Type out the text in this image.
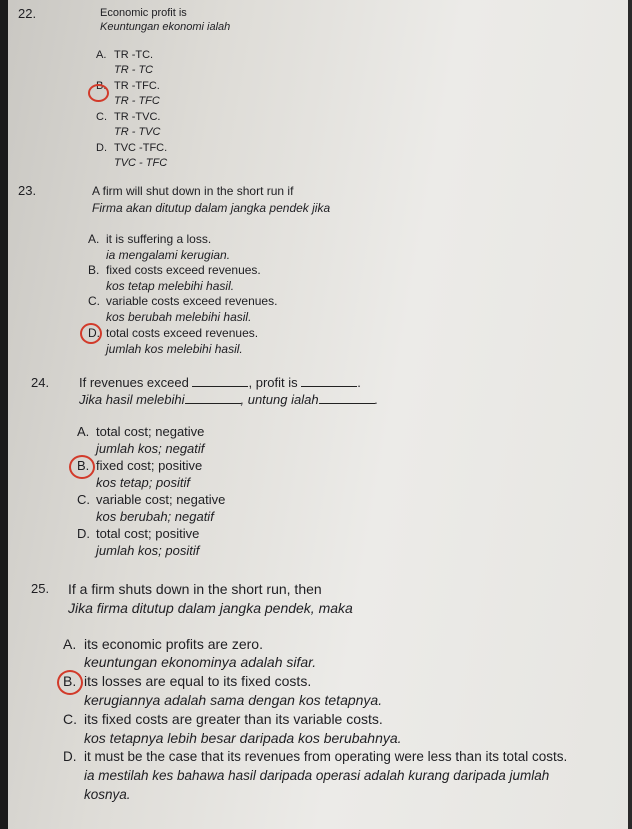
22.	Economic profit is
Keuntungan ekonomi ialah
A. TR -TC.
TR - TC
B. TR -TFC.
TR - TFC
C. TR -TVC.
TR - TVC
D. TVC -TFC.
TVC - TFC
23.	A firm will shut down in the short run if
Firma akan ditutup dalam jangka pendek jika
A. it is suffering a loss.
ia mengalami kerugian.
B. fixed costs exceed revenues.
kos tetap melebihi hasil.
C. variable costs exceed revenues.
kos berubah melebihi hasil.
D. total costs exceed revenues.
jumlah kos melebihi hasil.
24. If revenues exceed	, profit is	.
Jika hasil melebihi	, untung ialah	.
A. total cost; negative
jumlah kos; negatif
B. fixed cost; positive
kos tetap; positif
C. variable cost; negative
kos berubah; negatif
D. total cost; positive
jumlah kos; positif
25. If a firm shuts down in the short run, then
Jika firma ditutup dalam jangka pendek, maka
A. its economic profits are zero.
keuntungan ekonominya adalah sifar.
B. its losses are equal to its fixed costs.
kerugiannya adalah sama dengan kos tetapnya.
C. its fixed costs are greater than its variable costs.
kos tetapnya lebih besar daripada kos berubahnya.
D. it must be the case that its revenues from operating were less than its total costs.
ia mestilah kes bahawa hasil daripada operasi adalah kurang daripada jumlah
kosnya.
